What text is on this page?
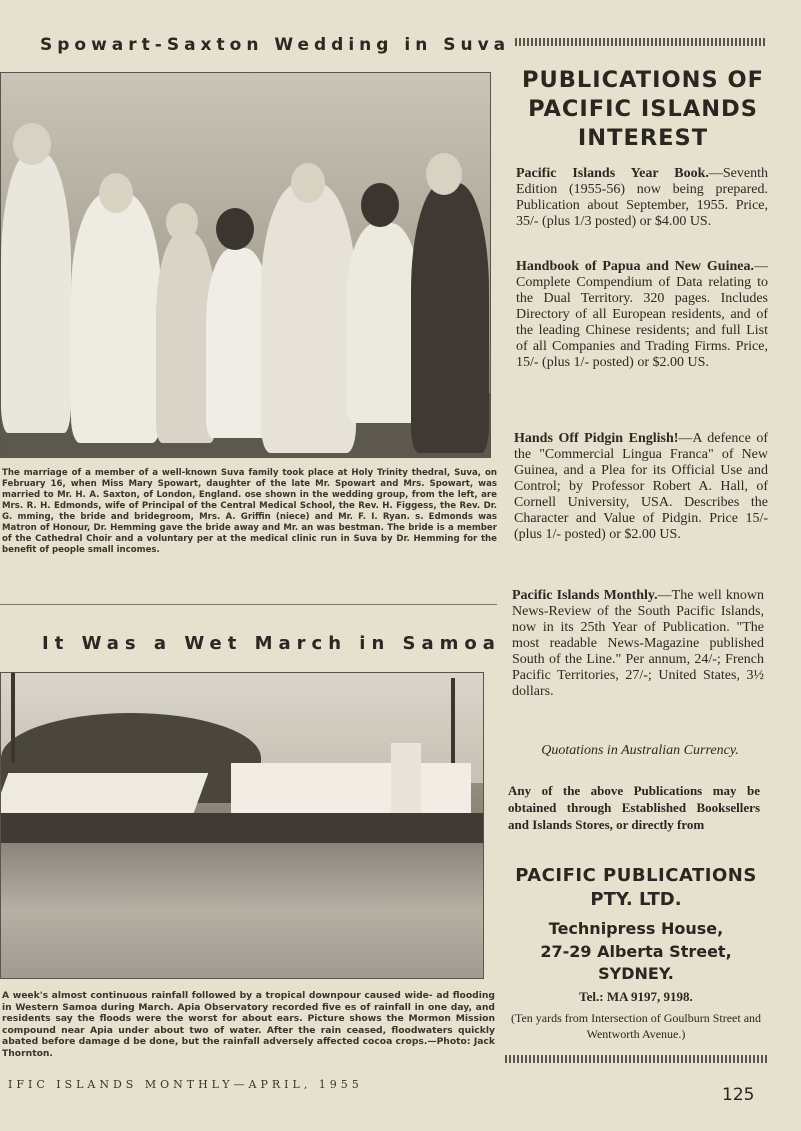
Spowart-Saxton Wedding in Suva
The marriage of a member of a well-known Suva family took place at Holy Trinity thedral, Suva, on February 16, when Miss Mary Spowart, daughter of the late Mr. Spowart and Mrs. Spowart, was married to Mr. H. A. Saxton, of London, England. ose shown in the wedding group, from the left, are Mrs. R. H. Edmonds, wife of Principal of the Central Medical School, the Rev. H. Figgess, the Rev. Dr. G. mming, the bride and bridegroom, Mrs. A. Griffin (niece) and Mr. F. I. Ryan. s. Edmonds was Matron of Honour, Dr. Hemming gave the bride away and Mr. an was bestman. The bride is a member of the Cathedral Choir and a voluntary per at the medical clinic run in Suva by Dr. Hemming for the benefit of people small incomes.
It Was a Wet March in Samoa
A week's almost continuous rainfall followed by a tropical downpour caused wide- ad flooding in Western Samoa during March. Apia Observatory recorded five es of rainfall in one day, and residents say the floods were the worst for about ears. Picture shows the Mormon Mission compound near Apia under about two of water. After the rain ceased, floodwaters quickly abated before damage d be done, but the rainfall adversely affected cocoa crops.—Photo: Jack Thornton.
PUBLICATIONS OF PACIFIC ISLANDS INTEREST
Pacific Islands Year Book.—Seventh Edition (1955-56) now being prepared. Publication about September, 1955. Price, 35/- (plus 1/3 posted) or $4.00 US.
Handbook of Papua and New Guinea.—Complete Compendium of Data relating to the Dual Territory. 320 pages. Includes Directory of all European residents, and of the leading Chinese residents; and full List of all Companies and Trading Firms. Price, 15/- (plus 1/- posted) or $2.00 US.
Hands Off Pidgin English!—A defence of the "Commercial Lingua Franca" of New Guinea, and a Plea for its Official Use and Control; by Professor Robert A. Hall, of Cornell University, USA. Describes the Character and Value of Pidgin. Price 15/- (plus 1/- posted) or $2.00 US.
Pacific Islands Monthly.—The well known News-Review of the South Pacific Islands, now in its 25th Year of Publication. "The most readable News-Magazine published South of the Line." Per annum, 24/-; French Pacific Territories, 27/-; United States, 3½ dollars.
Quotations in Australian Currency.
Any of the above Publications may be obtained through Established Booksellers and Islands Stores, or directly from
PACIFIC PUBLICATIONS
PTY. LTD.
Technipress House,
27-29 Alberta Street,
SYDNEY.
Tel.: MA 9197, 9198.
(Ten yards from Intersection of Goulburn Street and Wentworth Avenue.)
IFIC ISLANDS MONTHLY—APRIL, 1955
125
